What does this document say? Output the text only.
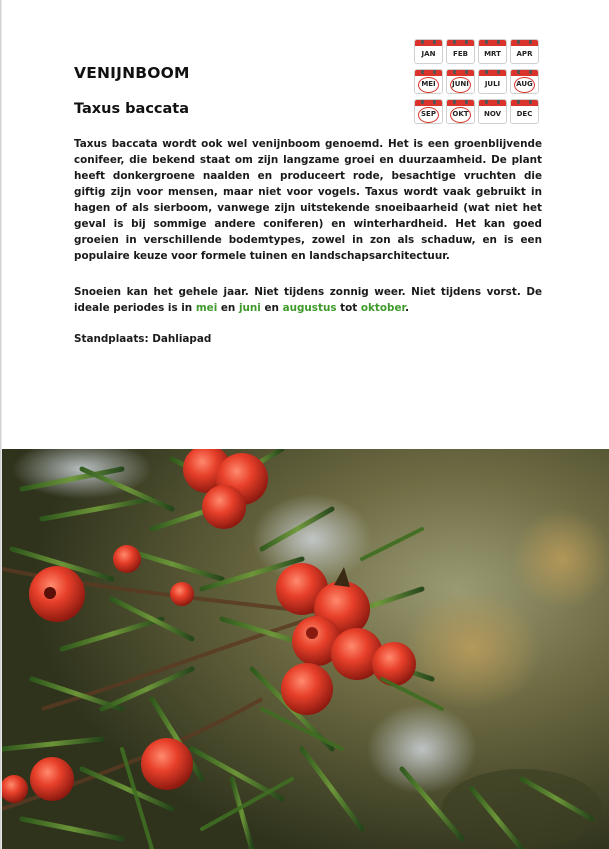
VENIJNBOOM
Taxus baccata
JAN	FEB	MRT	APR
MEI	JUNI	JULI	AUG
SEP	OKT	NOV	DEC
Taxus baccata wordt ook wel venijnboom genoemd. Het is een groenblijvende conifeer, die bekend staat om zijn langzame groei en duurzaamheid. De plant heeft donkergroene naalden en produceert rode, besachtige vruchten die giftig zijn voor mensen, maar niet voor vogels. Taxus wordt vaak gebruikt in hagen of als sierboom, vanwege zijn uitstekende snoeibaarheid (wat niet het geval is bij sommige andere coniferen) en winterhardheid. Het kan goed groeien in verschillende bodemtypes, zowel in zon als schaduw, en is een populaire keuze voor formele tuinen en landschapsarchitectuur.
Snoeien kan het gehele jaar. Niet tijdens zonnig weer. Niet tijdens vorst. De ideale periodes is in mei en juni en augustus tot oktober.
Standplaats: Dahliapad
